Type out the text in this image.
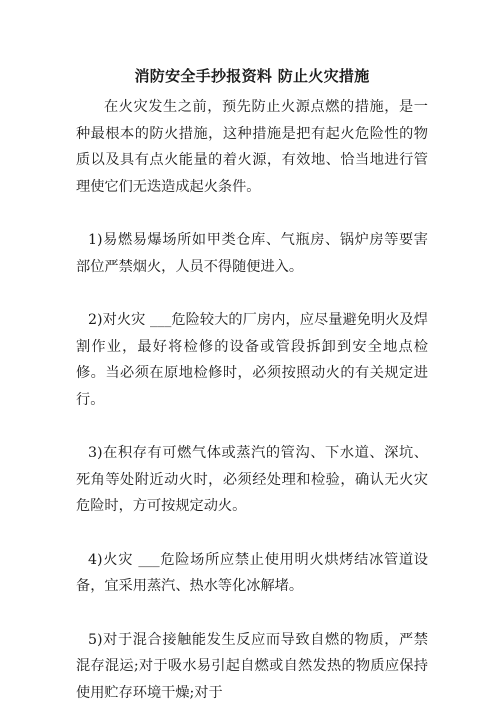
消防安全手抄报资料 防止火灾措施

在火灾发生之前，预先防止火源点燃的措施，是一种最根本的防火措施，这种措施是把有起火危险性的物质以及具有点火能量的着火源，有效地、恰当地进行管理使它们无迭造成起火条件。

1)易燃易爆场所如甲类仓库、气瓶房、锅炉房等要害部位严禁烟火，人员不得随便进入。

2)对火灾 ___危险较大的厂房内，应尽量避免明火及焊割作业，最好将检修的设备或管段拆卸到安全地点检修。当必须在原地检修时，必须按照动火的有关规定进行。

3)在积存有可燃气体或蒸汽的管沟、下水道、深坑、死角等处附近动火时，必须经处理和检验，确认无火灾危险时，方可按规定动火。

4)火灾 ___危险场所应禁止使用明火烘烤结冰管道设备，宜采用蒸汽、热水等化冰解堵。

5)对于混合接触能发生反应而导致自燃的物质，严禁混存混运;对于吸水易引起自燃或自然发热的物质应保持使用贮存环境干燥;对于
